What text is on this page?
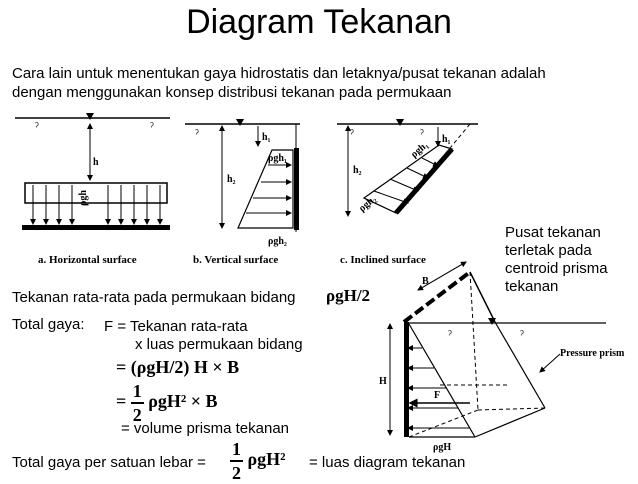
Diagram Tekanan
Cara lain untuk menentukan gaya hidrostatis dan letaknya/pusat tekanan adalah
dengan menggunakan konsep distribusi tekanan pada permukaan
ˀ	ˀ
h
ρgh
ˀ
h₂
h₁
ρgh₁
ρgh₂
ˀ	ˀ
h₂
h₁
ρgh₁
ρgh₂
a. Horizontal surface	b. Vertical surface	c. Inclined surface
B
ˀ	ˀ
H
F
ρgH
Pressure prism
Pusat tekanan
terletak pada
centroid prisma
tekanan
Tekanan rata-rata pada permukaan bidang ρgH/2
Total gaya: F = Tekanan rata-rata
x luas permukaan bidang
= (ρgH/2) H × B
= $\frac{1}{2} \rho gH^2 \times B$
= volume prisma tekanan
Total gaya per satuan lebar = $\frac{1}{2} \rho gH^2$ = luas diagram tekanan
